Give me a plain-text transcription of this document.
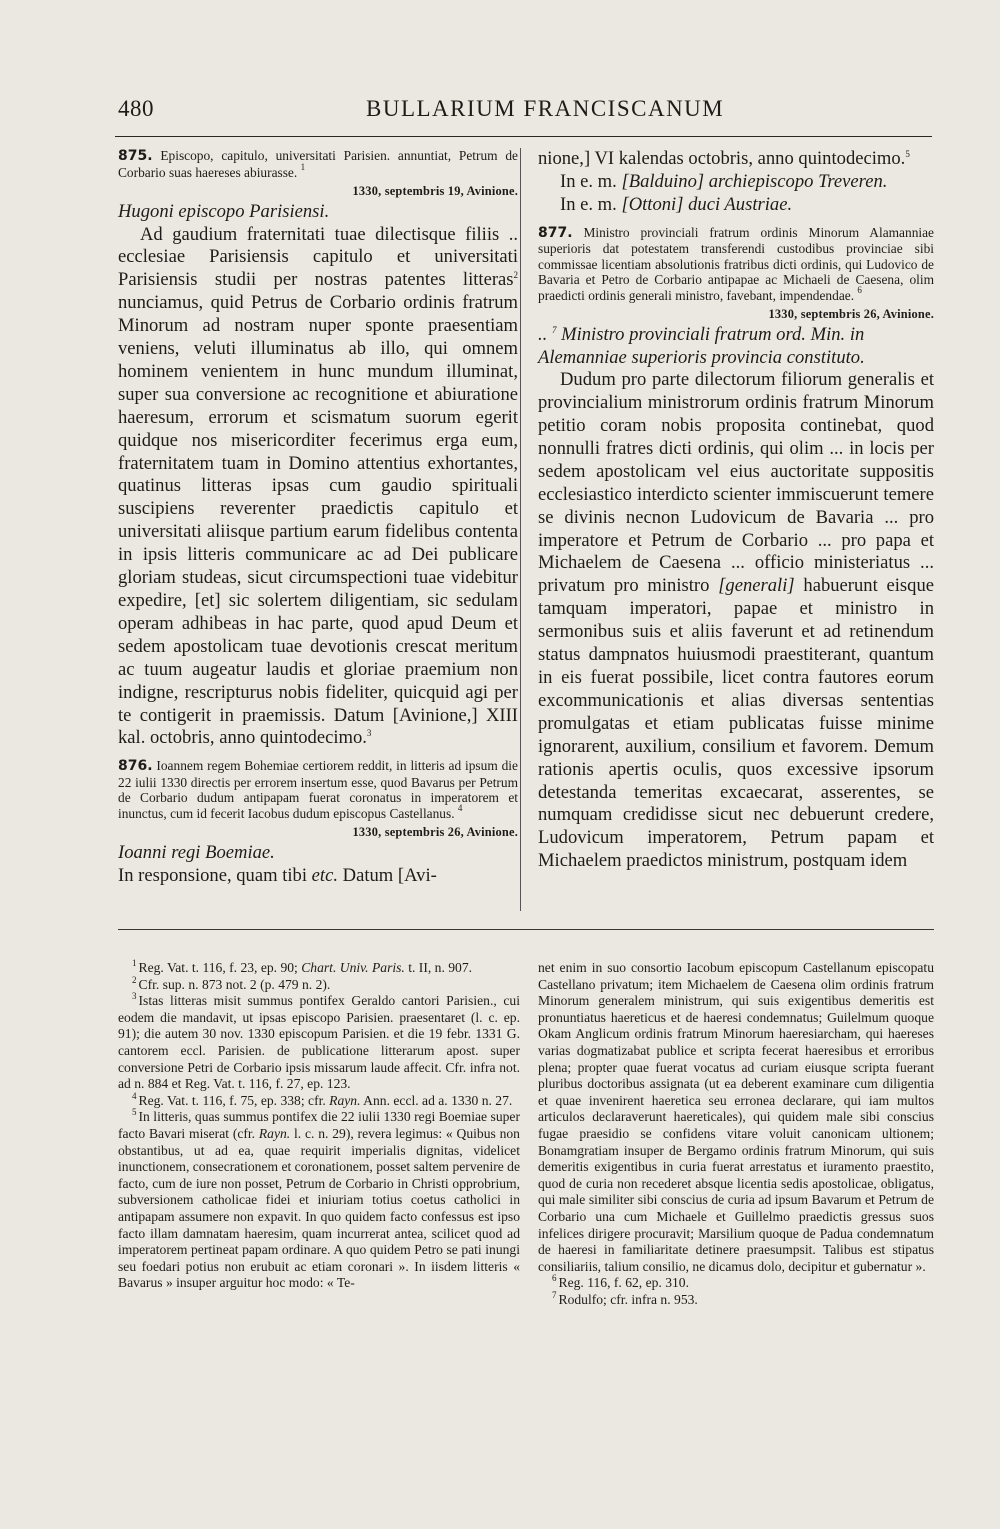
480	BULLARIUM FRANCISCANUM

875. Episcopo, capitulo, universitati Parisien. annuntiat, Petrum de Corbario suas haereses abiurasse. $^1$

1330, septembris 19, Avinione.

Hugoni episcopo Parisiensi.

Ad gaudium fraternitati tuae dilectisque filiis .. ecclesiae Parisiensis capitulo et universitati Parisiensis studii per nostras patentes litteras$^2$ nunciamus, quid Petrus de Corbario ordinis fratrum Minorum ad nostram nuper sponte praesentiam veniens, veluti illuminatus ab illo, qui omnem hominem venientem in hunc mundum illuminat, super sua conversione ac recognitione et abiuratione haeresum, errorum et scismatum suorum egerit quidque nos misericorditer fecerimus erga eum, fraternitatem tuam in Domino attentius exhortantes, quatinus litteras ipsas cum gaudio spirituali suscipiens reverenter praedictis capitulo et universitati aliisque partium earum fidelibus contenta in ipsis litteris communicare ac ad Dei publicare gloriam studeas, sicut circumspectioni tuae videbitur expedire, [et] sic solertem diligentiam, sic sedulam operam adhibeas in hac parte, quod apud Deum et sedem apostolicam tuae devotionis crescat meritum ac tuum augeatur laudis et gloriae praemium non indigne, rescripturus nobis fideliter, quicquid agi per te contigerit in praemissis. Datum [Avinione,] XIII kal. octobris, anno quintodecimo.$^3$

876. Ioannem regem Bohemiae certiorem reddit, in litteris ad ipsum die 22 iulii 1330 directis per errorem insertum esse, quod Bavarus per Petrum de Corbario dudum antipapam fuerat coronatus in imperatorem et inunctus, cum id fecerit Iacobus dudum episcopus Castellanus. $^4$

1330, septembris 26, Avinione.

Ioanni regi Boemiae.

In responsione, quam tibi etc. Datum [Avi-

nione,] VI kalendas octobris, anno quintodecimo.$^5$

In e. m. [Balduino] archiepiscopo Treveren.

In e. m. [Ottoni] duci Austriae.

877. Ministro provinciali fratrum ordinis Minorum Alamanniae superioris dat potestatem transferendi custodibus provinciae sibi commissae licentiam absolutionis fratribus dicti ordinis, qui Ludovico de Bavaria et Petro de Corbario antipapae ac Michaeli de Caesena, olim praedicti ordinis generali ministro, favebant, impendendae. $^6$

1330, septembris 26, Avinione.

.. $^7$ Ministro provinciali fratrum ord. Min. in Alemanniae superioris provincia constituto.

Dudum pro parte dilectorum filiorum generalis et provincialium ministrorum ordinis fratrum Minorum petitio coram nobis proposita continebat, quod nonnulli fratres dicti ordinis, qui olim ... in locis per sedem apostolicam vel eius auctoritate suppositis ecclesiastico interdicto scienter immiscuerunt temere se divinis necnon Ludovicum de Bavaria ... pro imperatore et Petrum de Corbario ... pro papa et Michaelem de Caesena ... officio ministeriatus ... privatum pro ministro [generali] habuerunt eisque tamquam imperatori, papae et ministro in sermonibus suis et aliis faverunt et ad retinendum status dampnatos huiusmodi praestiterant, quantum in eis fuerat possibile, licet contra fautores eorum excommunicationis et alias diversas sententias promulgatas et etiam publicatas fuisse minime ignorarent, auxilium, consilium et favorem. Demum rationis apertis oculis, quos excessive ipsorum detestanda temeritas excaecarat, asserentes, se numquam credidisse sicut nec debuerunt credere, Ludovicum imperatorem, Petrum papam et Michaelem praedictos ministrum, postquam idem

$^1$ Reg. Vat. t. 116, f. 23, ep. 90; Chart. Univ. Paris. t. II, n. 907.

$^2$ Cfr. sup. n. 873 not. 2 (p. 479 n. 2).

$^3$ Istas litteras misit summus pontifex Geraldo cantori Parisien., cui eodem die mandavit, ut ipsas episcopo Parisien. praesentaret (l. c. ep. 91); die autem 30 nov. 1330 episcopum Parisien. et die 19 febr. 1331 G. cantorem eccl. Parisien. de publicatione litterarum apost. super conversione Petri de Corbario ipsis missarum laude affecit. Cfr. infra not. ad n. 884 et Reg. Vat. t. 116, f. 27, ep. 123.

$^4$ Reg. Vat. t. 116, f. 75, ep. 338; cfr. Rayn. Ann. eccl. ad a. 1330 n. 27.

$^5$ In litteris, quas summus pontifex die 22 iulii 1330 regi Boemiae super facto Bavari miserat (cfr. Rayn. l. c. n. 29), revera legimus: « Quibus non obstantibus, ut ad ea, quae requirit imperialis dignitas, videlicet inunctionem, consecrationem et coronationem, posset saltem pervenire de facto, cum de iure non posset, Petrum de Corbario in Christi opprobrium, subversionem catholicae fidei et iniuriam totius coetus catholici in antipapam assumere non expavit. In quo quidem facto confessus est ipso facto illam damnatam haeresim, quam incurrerat antea, scilicet quod ad imperatorem pertineat papam ordinare. A quo quidem Petro se pati inungi seu foedari potius non erubuit ac etiam coronari ». In iisdem litteris « Bavarus » insuper arguitur hoc modo: « Te-

net enim in suo consortio Iacobum episcopum Castellanum episcopatu Castellano privatum; item Michaelem de Caesena olim ordinis fratrum Minorum generalem ministrum, qui suis exigentibus demeritis est pronuntiatus haereticus et de haeresi condemnatus; Guilelmum quoque Okam Anglicum ordinis fratrum Minorum haeresiarcham, qui haereses varias dogmatizabat publice et scripta fecerat haeresibus et erroribus plena; propter quae fuerat vocatus ad curiam eiusque scripta fuerant pluribus doctoribus assignata (ut ea deberent examinare cum diligentia et quae invenirent haeretica seu erronea declarare, qui iam multos articulos declaraverunt haereticales), qui quidem male sibi conscius fugae praesidio se confidens vitare voluit canonicam ultionem; Bonamgratiam insuper de Bergamo ordinis fratrum Minorum, qui suis demeritis exigentibus in curia fuerat arrestatus et iuramento praestito, quod de curia non recederet absque licentia sedis apostolicae, obligatus, qui male similiter sibi conscius de curia ad ipsum Bavarum et Petrum de Corbario una cum Michaele et Guillelmo praedictis gressus suos infelices dirigere procuravit; Marsilium quoque de Padua condemnatum de haeresi in familiaritate detinere praesumpsit. Talibus est stipatus consiliariis, talium consilio, ne dicamus dolo, decipitur et gubernatur ».

$^6$ Reg. 116, f. 62, ep. 310.

$^7$ Rodulfo; cfr. infra n. 953.
